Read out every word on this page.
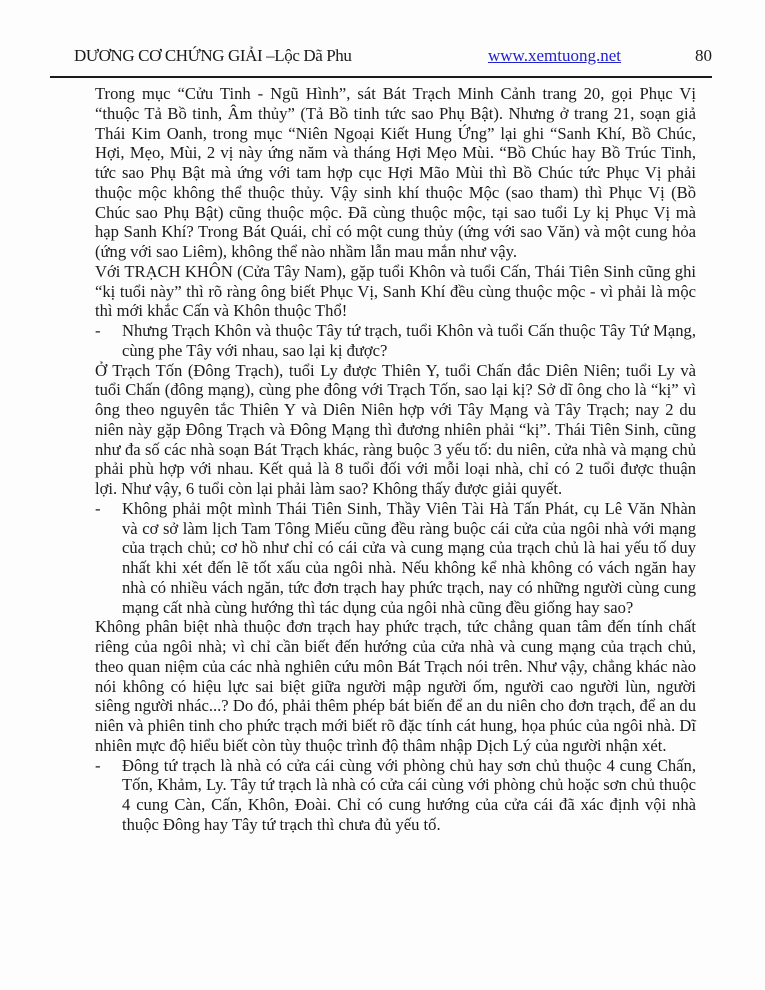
DƯƠNG CƠ CHỨNG GIẢI –Lộc Dã Phu	www.xemtuong.net	80

Trong mục “Cửu Tinh - Ngũ Hình”, sát Bát Trạch Minh Cảnh trang 20, gọi Phục Vị “thuộc Tả Bồ tinh, Âm thủy” (Tả Bồ tinh tức sao Phụ Bật). Nhưng ở trang 21, soạn giả Thái Kim Oanh, trong mục “Niên Ngoại Kiết Hung Ứng” lại ghi “Sanh Khí, Bồ Chúc, Hợi, Mẹo, Mùi, 2 vị này ứng năm và tháng Hợi Mẹo Mùi. “Bồ Chúc hay Bồ Trúc Tinh, tức sao Phụ Bật mà ứng với tam hợp cục Hợi Mão Mùi thì Bồ Chúc tức Phục Vị phải thuộc mộc không thể thuộc thủy. Vậy sinh khí thuộc Mộc (sao tham) thì Phục Vị (Bồ Chúc sao Phụ Bật) cũng thuộc mộc. Đã cùng thuộc mộc, tại sao tuổi Ly kị Phục Vị mà hạp Sanh Khí? Trong Bát Quái, chỉ có một cung thủy (ứng với sao Văn) và một cung hỏa (ứng với sao Liêm), không thể nào nhầm lẫn mau mắn như vậy.

Với TRẠCH KHÔN (Cửa Tây Nam), gặp tuổi Khôn và tuổi Cấn, Thái Tiên Sinh cũng ghi “kị tuổi này” thì rõ ràng ông biết Phục Vị, Sanh Khí đều cùng thuộc mộc - vì phải là mộc thì mới khắc Cấn và Khôn thuộc Thổ!

-	Nhưng Trạch Khôn và thuộc Tây tứ trạch, tuổi Khôn và tuổi Cấn thuộc Tây Tứ Mạng, cùng phe Tây với nhau, sao lại kị được?

Ở Trạch Tốn (Đông Trạch), tuổi Ly được Thiên Y, tuổi Chấn đắc Diên Niên; tuổi Ly và tuổi Chấn (đông mạng), cùng phe đông với Trạch Tốn, sao lại kị? Sở dĩ ông cho là “kị” vì ông theo nguyên tắc Thiên Y và Diên Niên hợp với Tây Mạng và Tây Trạch; nay 2 du niên này gặp Đông Trạch và Đông Mạng thì đương nhiên phải “kị”. Thái Tiên Sinh, cũng như đa số các nhà soạn Bát Trạch khác, ràng buộc 3 yếu tố: du niên, cửa nhà và mạng chủ phải phù hợp với nhau. Kết quả là 8 tuổi đối với mỗi loại nhà, chỉ có 2 tuổi được thuận lợi. Như vậy, 6 tuổi còn lại phải làm sao? Không thấy được giải quyết.

-	Không phải một mình Thái Tiên Sinh, Thầy Viên Tài Hà Tấn Phát, cụ Lê Văn Nhàn và cơ sở làm lịch Tam Tông Miếu cũng đều ràng buộc cái cửa của ngôi nhà với mạng của trạch chủ; cơ hồ như chỉ có cái cửa và cung mạng của trạch chủ là hai yếu tố duy nhất khi xét đến lẽ tốt xấu của ngôi nhà. Nếu không kể nhà không có vách ngăn hay nhà có nhiều vách ngăn, tức đơn trạch hay phức trạch, nay có những người cùng cung mạng cất nhà cùng hướng thì tác dụng của ngôi nhà cũng đều giống hay sao?

Không phân biệt nhà thuộc đơn trạch hay phức trạch, tức chẳng quan tâm đến tính chất riêng của ngôi nhà; vì chỉ cần biết đến hướng của cửa nhà và cung mạng của trạch chủ, theo quan niệm của các nhà nghiên cứu môn Bát Trạch nói trên. Như vậy, chẳng khác nào nói không có hiệu lực sai biệt giữa người mập người ốm, người cao người lùn, người siêng người nhác...? Do đó, phải thêm phép bát biến để an du niên cho đơn trạch, để an du niên và phiên tinh cho phức trạch mới biết rõ đặc tính cát hung, họa phúc của ngôi nhà. Dĩ nhiên mực độ hiểu biết còn tùy thuộc trình độ thâm nhập Dịch Lý của người nhận xét.

-	Đông tứ trạch là nhà có cửa cái cùng với phòng chủ hay sơn chủ thuộc 4 cung Chấn, Tốn, Khảm, Ly. Tây tứ trạch là nhà có cửa cái cùng với phòng chủ hoặc sơn chủ thuộc 4 cung Càn, Cấn, Khôn, Đoài. Chỉ có cung hướng của cửa cái đã xác định vội nhà thuộc Đông hay Tây tứ trạch thì chưa đủ yếu tố.
